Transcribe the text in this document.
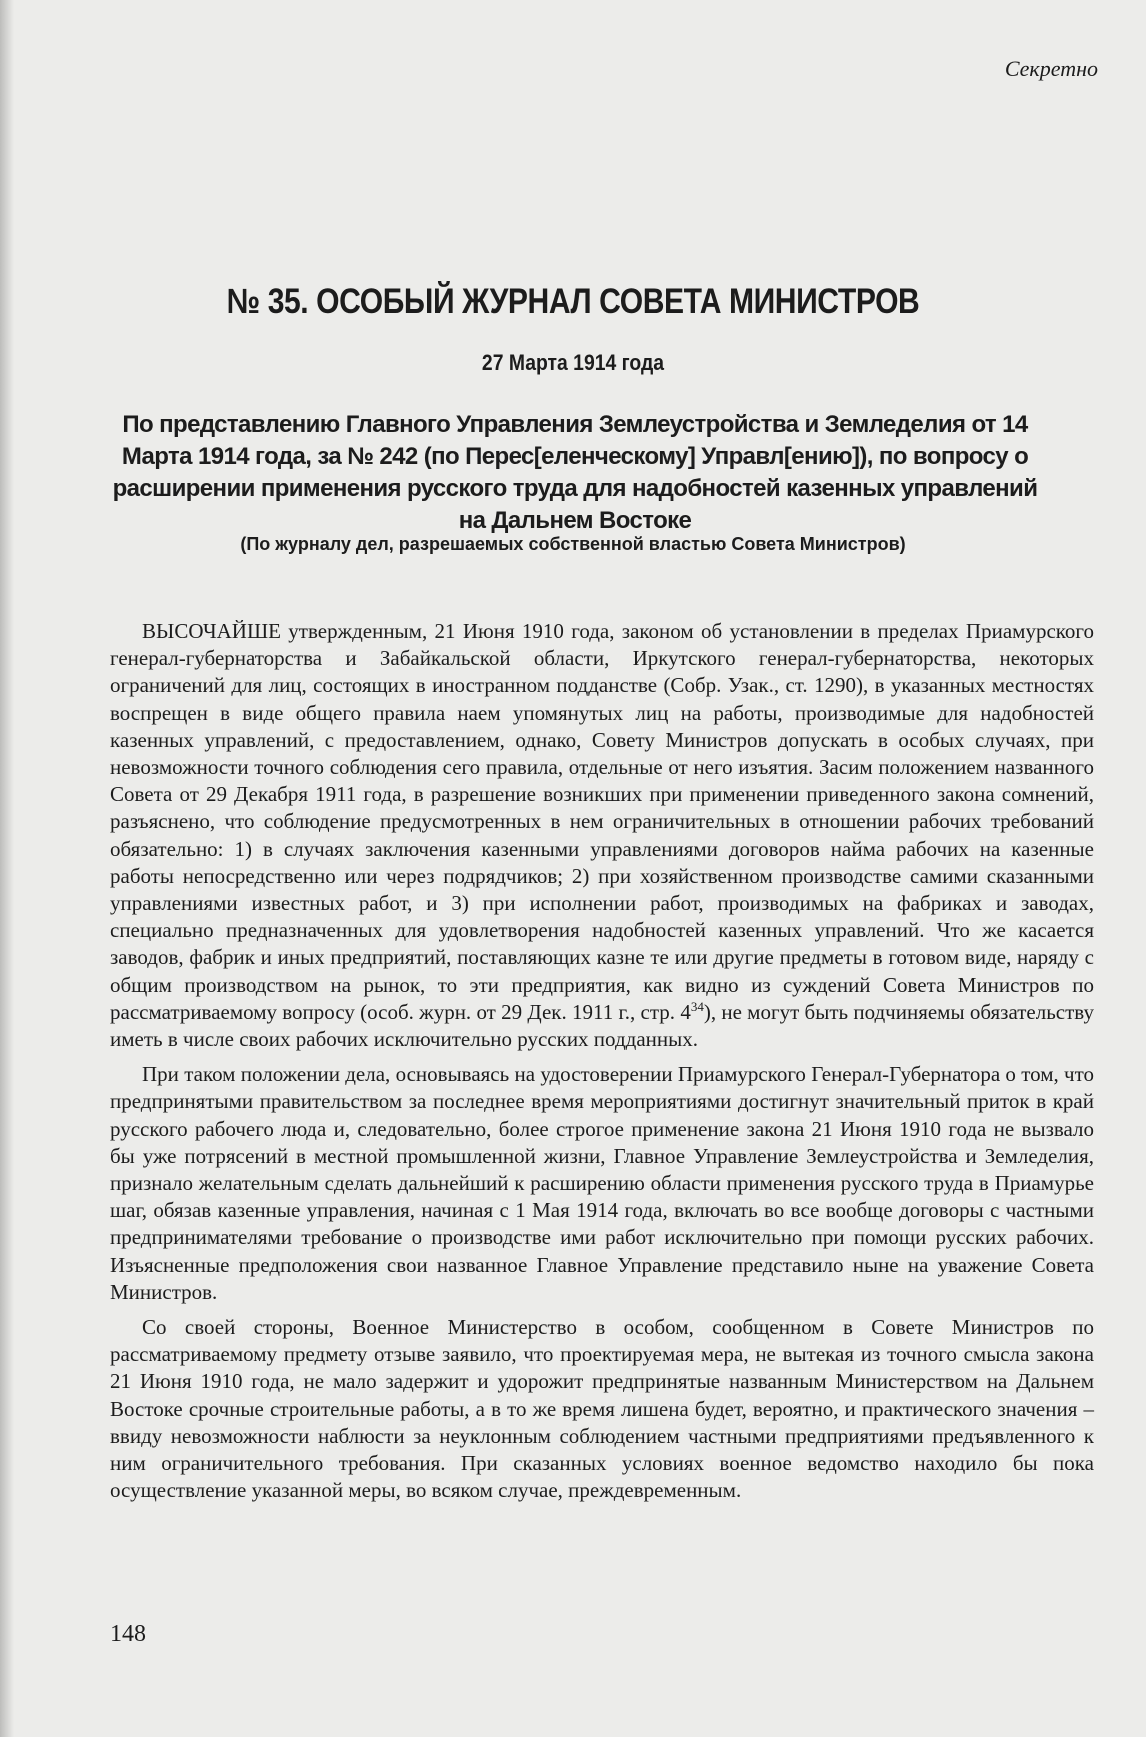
Секретно
№ 35. ОСОБЫЙ ЖУРНАЛ СОВЕТА МИНИСТРОВ
27 Марта 1914 года
По представлению Главного Управления Землеустройства и Земледелия от 14 Марта 1914 года, за № 242 (по Перес[еленческому] Управл[ению]), по вопросу о расширении применения русского труда для надобностей казенных управлений на Дальнем Востоке
(По журналу дел, разрешаемых собственной властью Совета Министров)

ВЫСОЧАЙШЕ утвержденным, 21 Июня 1910 года, законом об установлении в пределах Приамурского генерал-губернаторства и Забайкальской области, Иркутского генерал-губернаторства, некоторых ограничений для лиц, состоящих в иностранном подданстве (Собр. Узак., ст. 1290), в указанных местностях воспрещен в виде общего правила наем упомянутых лиц на работы, производимые для надобностей казенных управлений, с предоставлением, однако, Совету Министров допускать в особых случаях, при невозможности точного соблюдения сего правила, отдельные от него изъятия. Засим положением названного Совета от 29 Декабря 1911 года, в разрешение возникших при применении приведенного закона сомнений, разъяснено, что соблюдение предусмотренных в нем ограничительных в отношении рабочих требований обязательно: 1) в случаях заключения казенными управлениями договоров найма рабочих на казенные работы непосредственно или через подрядчиков; 2) при хозяйственном производстве самими сказанными управлениями известных работ, и 3) при исполнении работ, производимых на фабриках и заводах, специально предназначенных для удовлетворения надобностей казенных управлений. Что же касается заводов, фабрик и иных предприятий, поставляющих казне те или другие предметы в готовом виде, наряду с общим производством на рынок, то эти предприятия, как видно из суждений Совета Министров по рассматриваемому вопросу (особ. журн. от 29 Дек. 1911 г., стр. $4^{34}$), не могут быть подчиняемы обязательству иметь в числе своих рабочих исключительно русских подданных.

При таком положении дела, основываясь на удостоверении Приамурского Генерал-Губернатора о том, что предпринятыми правительством за последнее время мероприятиями достигнут значительный приток в край русского рабочего люда и, следовательно, более строгое применение закона 21 Июня 1910 года не вызвало бы уже потрясений в местной промышленной жизни, Главное Управление Землеустройства и Земледелия, признало желательным сделать дальнейший к расширению области применения русского труда в Приамурье шаг, обязав казенные управления, начиная с 1 Мая 1914 года, включать во все вообще договоры с частными предпринимателями требование о производстве ими работ исключительно при помощи русских рабочих. Изъясненные предположения свои названное Главное Управление представило ныне на уважение Совета Министров.

Со своей стороны, Военное Министерство в особом, сообщенном в Совете Министров по рассматриваемому предмету отзыве заявило, что проектируемая мера, не вытекая из точного смысла закона 21 Июня 1910 года, не мало задержит и удорожит предпринятые названным Министерством на Дальнем Востоке срочные строительные работы, а в то же время лишена будет, вероятно, и практического значения – ввиду невозможности наблюсти за неуклонным соблюдением частными предприятиями предъявленного к ним ограничительного требования. При сказанных условиях военное ведомство находило бы пока осуществление указанной меры, во всяком случае, преждевременным.

148
